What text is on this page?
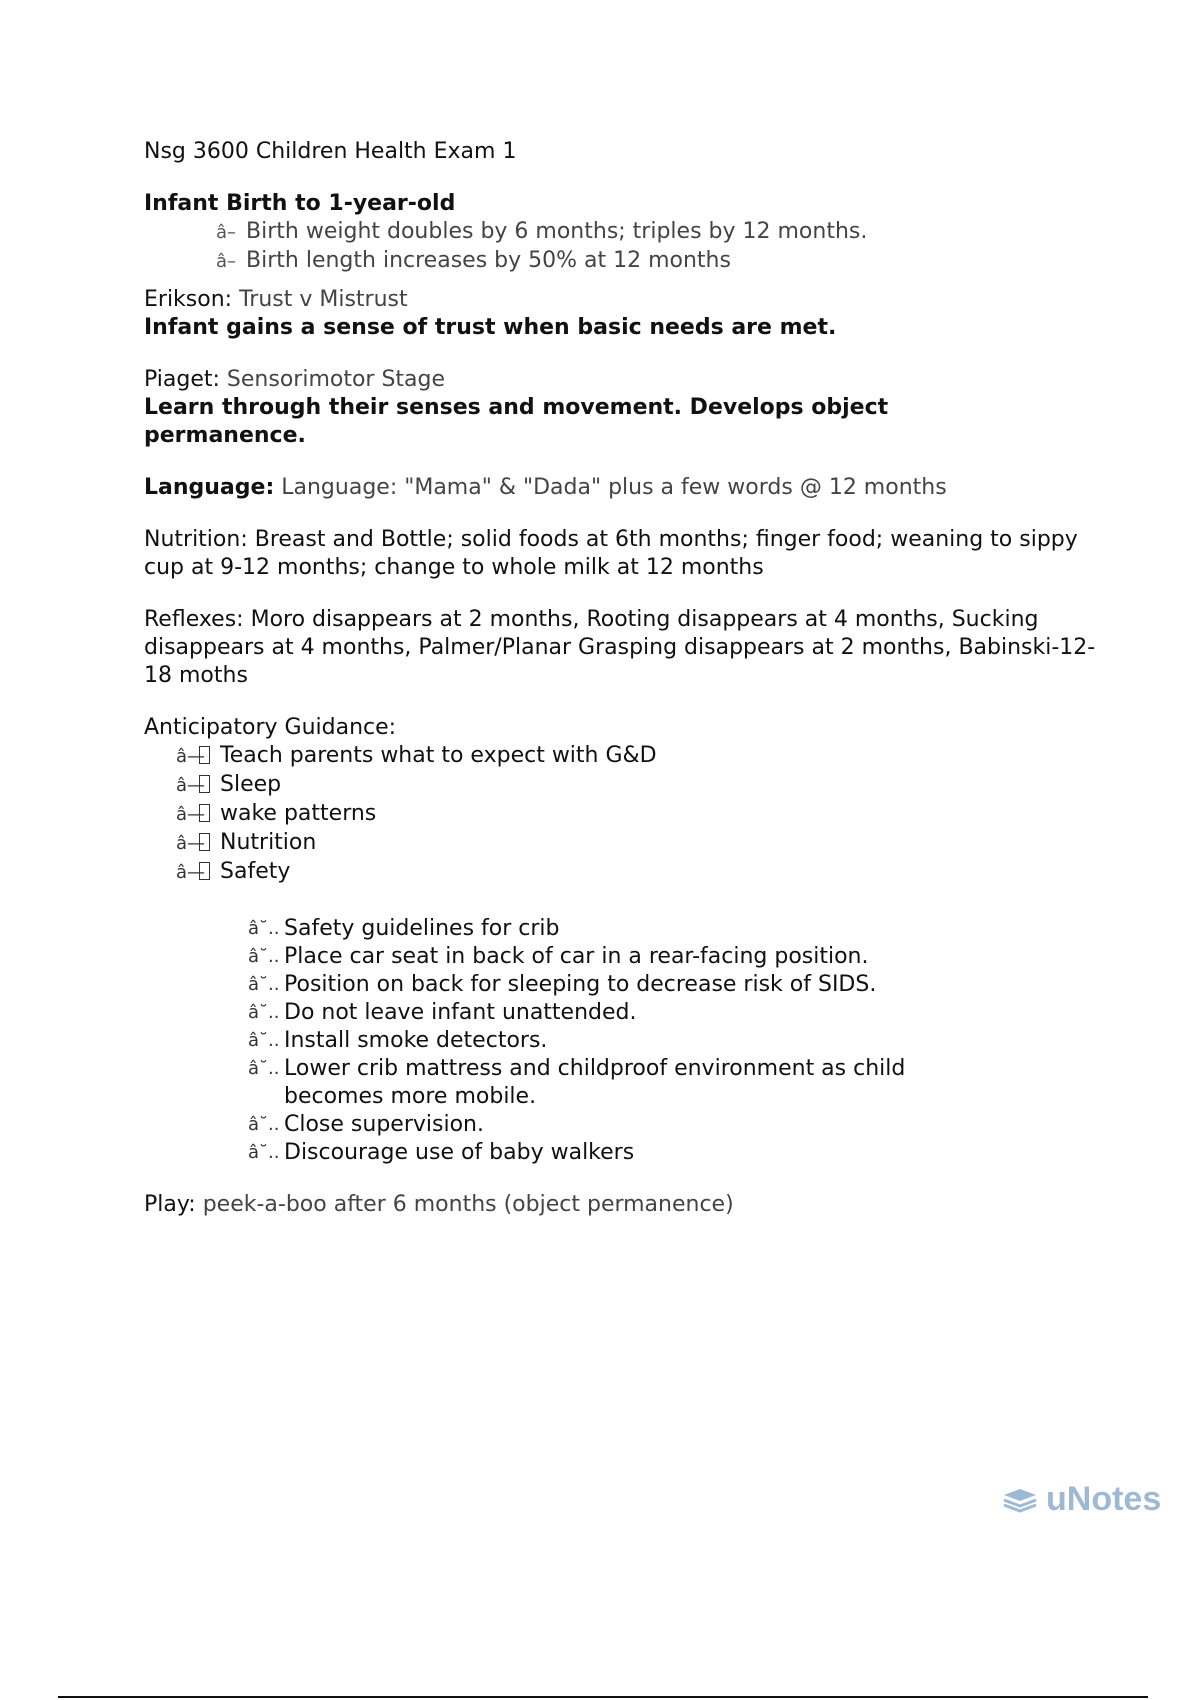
Nsg 3600 Children Health Exam 1
Infant Birth to 1-year-old
â– Birth weight doubles by 6 months; triples by 12 months.
â– Birth length increases by 50% at 12 months
Erikson: Trust v Mistrust
Infant gains a sense of trust when basic needs are met.
Piaget: Sensorimotor Stage
Learn through their senses and movement. Develops object permanence.
Language: Language: "Mama" & "Dada" plus a few words @ 12 months
Nutrition: Breast and Bottle; solid foods at 6th months; finger food; weaning to sippy cup at 9-12 months; change to whole milk at 12 months
Reflexes: Moro disappears at 2 months, Rooting disappears at 4 months, Sucking disappears at 4 months, Palmer/Planar Grasping disappears at 2 months, Babinski-12-18 moths
Anticipatory Guidance:
â— Teach parents what to expect with G&D
â— Sleep
â— wake patterns
â— Nutrition
â— Safety
â˘.. Safety guidelines for crib
â˘.. Place car seat in back of car in a rear-facing position.
â˘.. Position on back for sleeping to decrease risk of SIDS.
â˘.. Do not leave infant unattended.
â˘.. Install smoke detectors.
â˘.. Lower crib mattress and childproof environment as child becomes more mobile.
â˘.. Close supervision.
â˘.. Discourage use of baby walkers
Play: peek-a-boo after 6 months (object permanence)
uNotes
